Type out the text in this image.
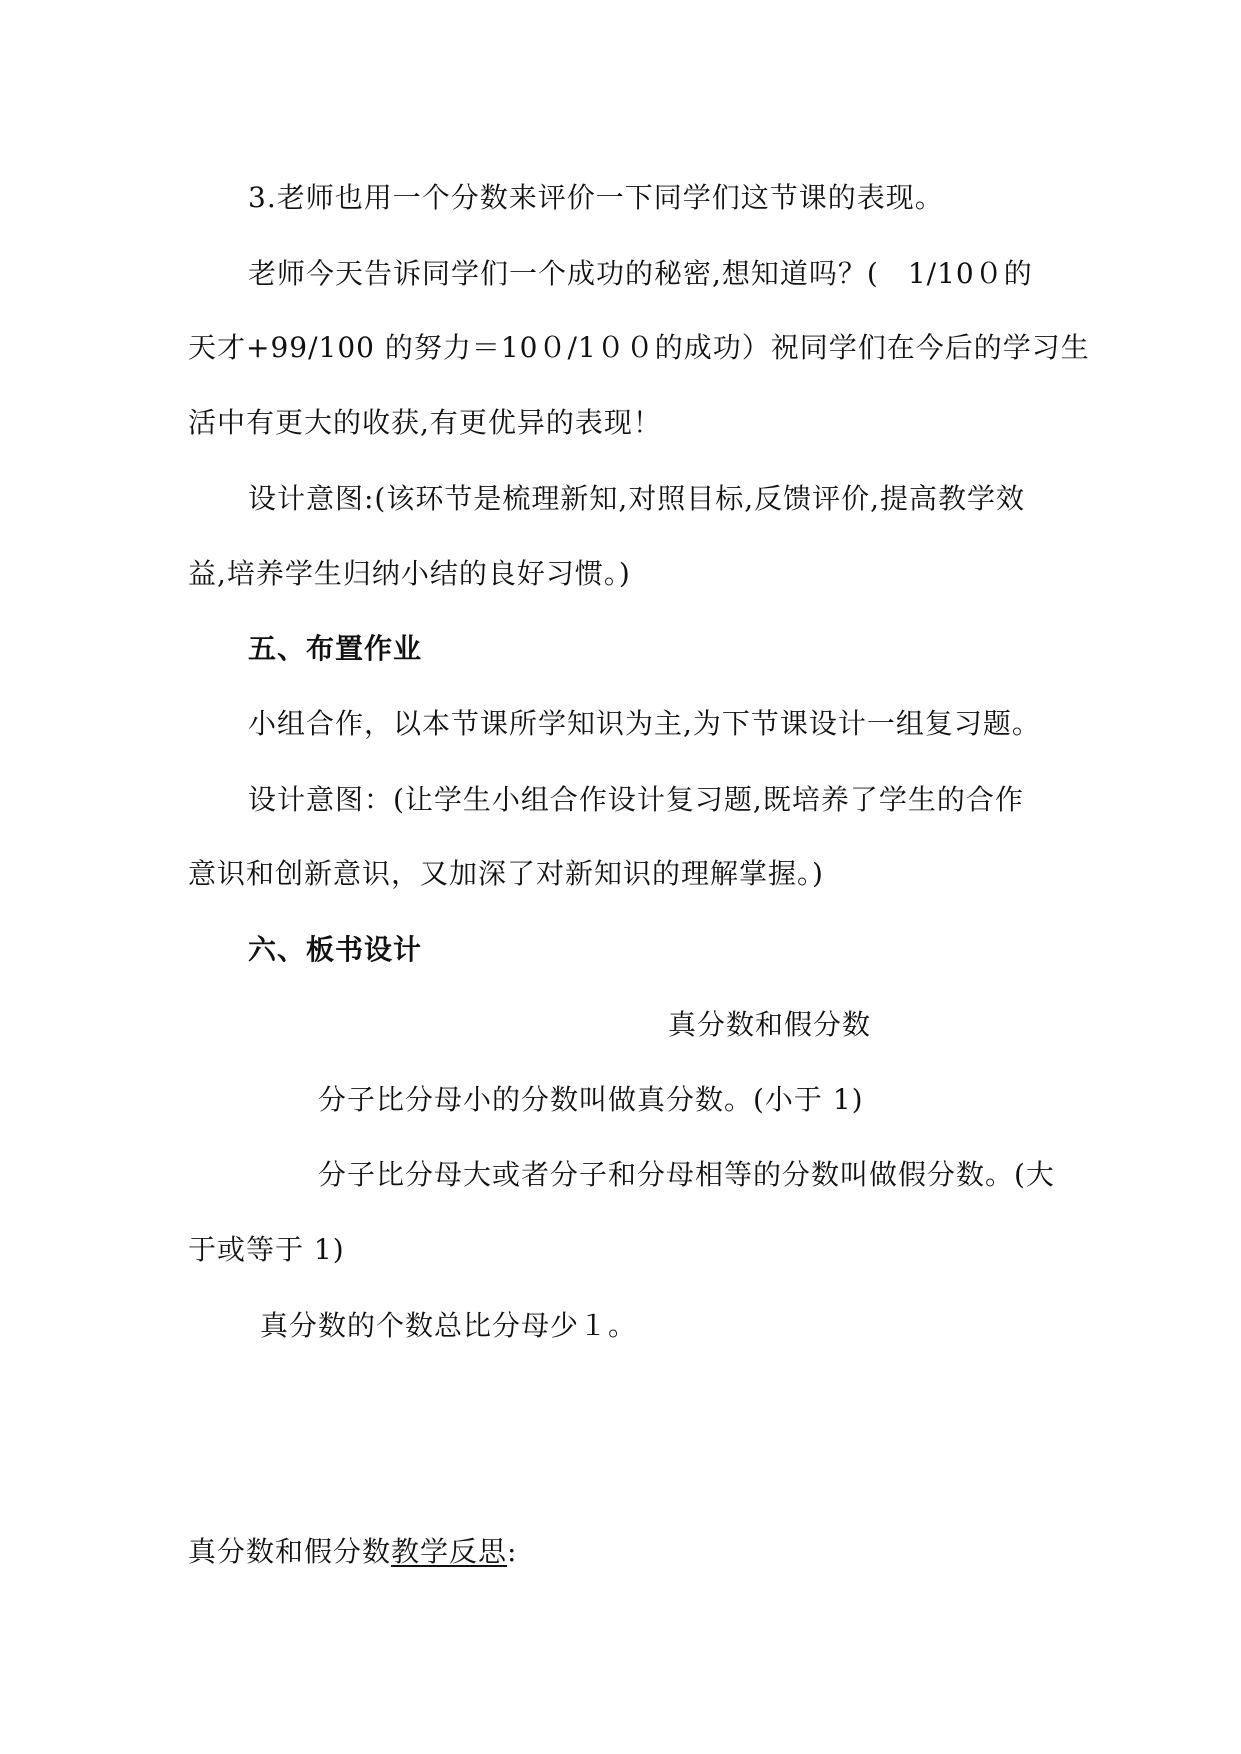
3.老师也用一个分数来评价一下同学们这节课的表现。
老师今天告诉同学们一个成功的秘密,想知道吗？(　1/10０的
天才+99/100 的努力＝10０/1００的成功）祝同学们在今后的学习生
活中有更大的收获,有更优异的表现！
设计意图:(该环节是梳理新知,对照目标,反馈评价,提高教学效
益,培养学生归纳小结的良好习惯。)
五、布置作业
小组合作，以本节课所学知识为主,为下节课设计一组复习题。
设计意图：(让学生小组合作设计复习题,既培养了学生的合作
意识和创新意识，又加深了对新知识的理解掌握。)
六、板书设计
真分数和假分数
分子比分母小的分数叫做真分数。(小于 1)
分子比分母大或者分子和分母相等的分数叫做假分数。(大
于或等于 1)
真分数的个数总比分母少１。
真分数和假分数教学反思:
